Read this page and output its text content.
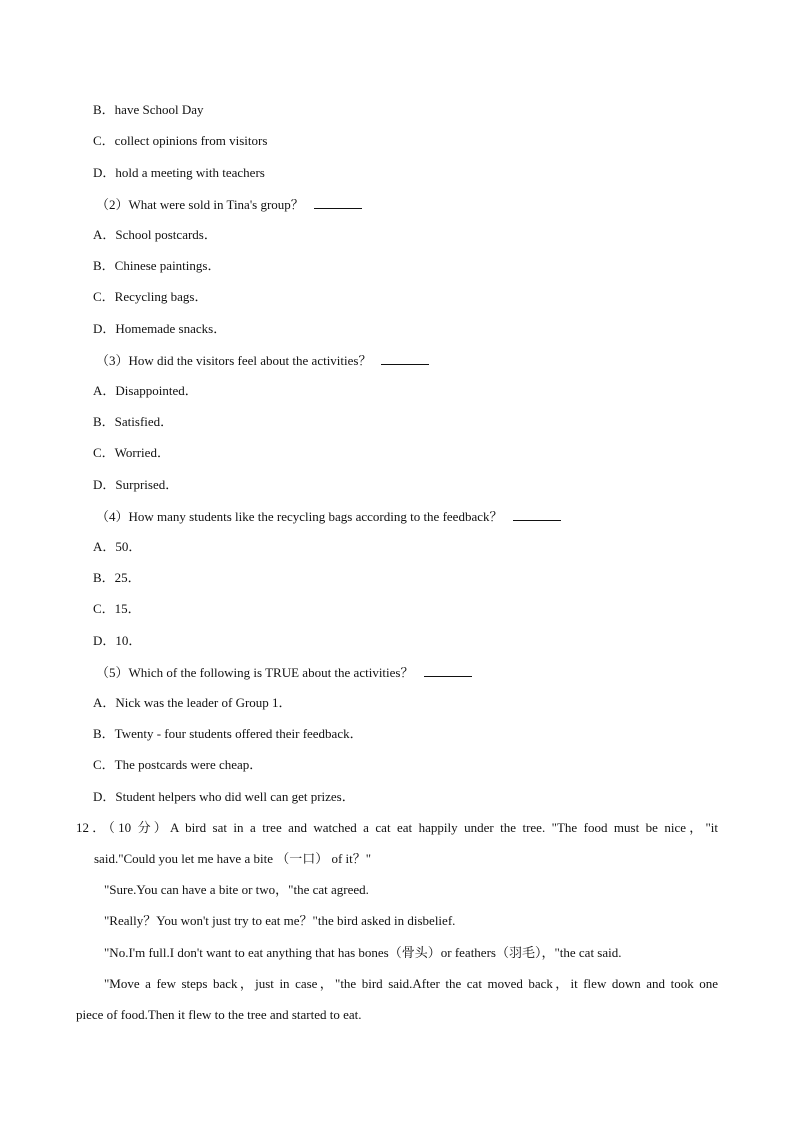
B．have School Day
C．collect opinions from visitors
D．hold a meeting with teachers
（2）What were sold in Tina's group？
A．School postcards．
B．Chinese paintings．
C．Recycling bags．
D．Homemade snacks．
（3）How did the visitors feel about the activities？
A．Disappointed．
B．Satisfied．
C．Worried．
D．Surprised．
（4）How many students like the recycling bags according to the feedback？
A．50．
B．25．
C．15．
D．10．
（5）Which of the following is TRUE about the activities？
A．Nick was the leader of Group 1．
B．Twenty - four students offered their feedback．
C．The postcards were cheap．
D．Student helpers who did well can get prizes．
12．（10 分）A bird sat in a tree and watched a cat eat happily under the tree. "The food must be nice，"it
said."Could you let me have a bite （一口） of it？"
"Sure.You can have a bite or two，"the cat agreed.
"Really？You won't just try to eat me？"the bird asked in disbelief.
"No.I'm full.I don't want to eat anything that has bones（骨头）or feathers（羽毛），"the cat said.
"Move a few steps back，just in case，"the bird said.After the cat moved back，it flew down and took one
piece of food.Then it flew to the tree and started to eat.
